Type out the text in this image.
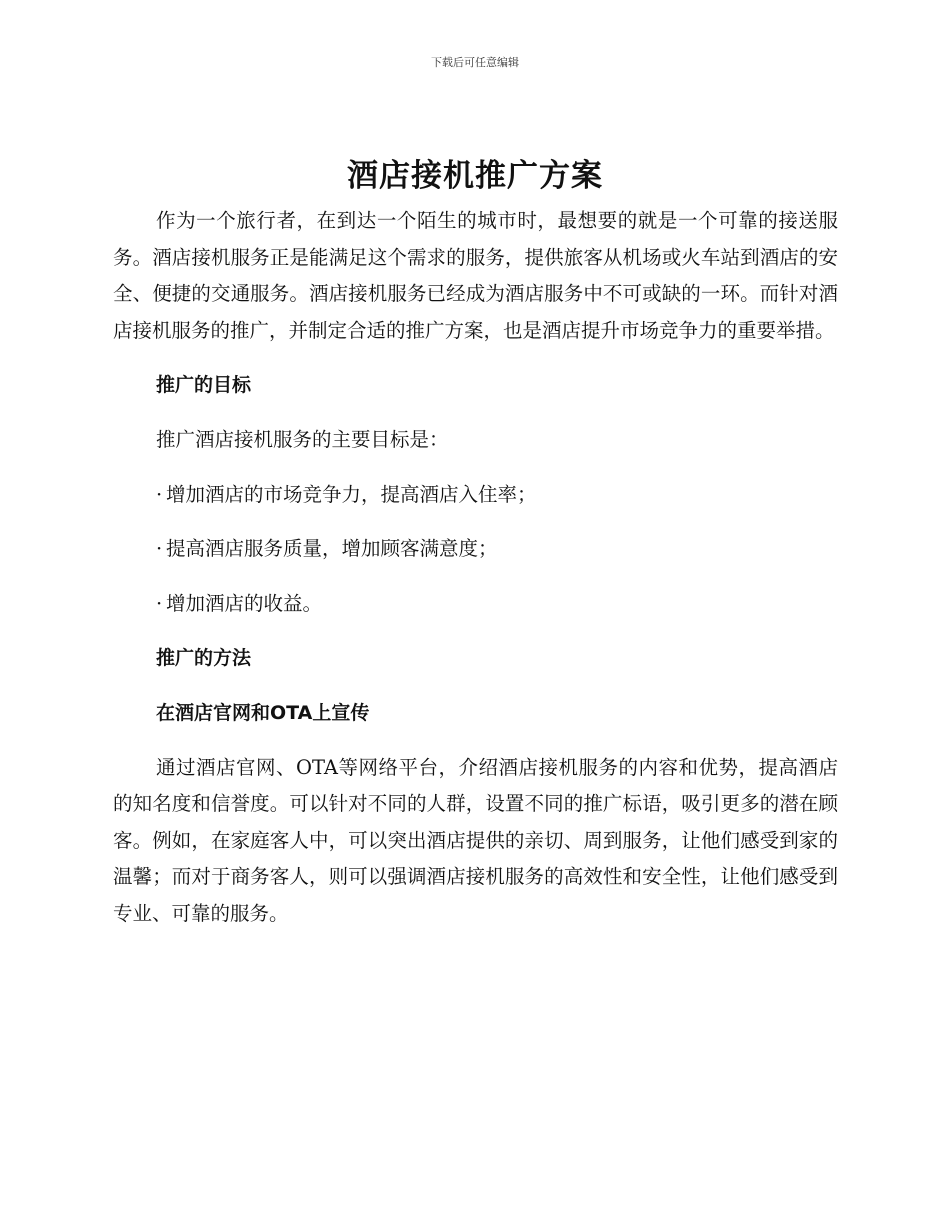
下载后可任意编辑
酒店接机推广方案

作为一个旅行者，在到达一个陌生的城市时，最想要的就是一个可靠的接送服务。酒店接机服务正是能满足这个需求的服务，提供旅客从机场或火车站到酒店的安全、便捷的交通服务。酒店接机服务已经成为酒店服务中不可或缺的一环。而针对酒店接机服务的推广，并制定合适的推广方案，也是酒店提升市场竞争力的重要举措。

推广的目标

推广酒店接机服务的主要目标是：

· 增加酒店的市场竞争力，提高酒店入住率；

· 提高酒店服务质量，增加顾客满意度；

· 增加酒店的收益。

推广的方法

在酒店官网和OTA上宣传

通过酒店官网、OTA等网络平台，介绍酒店接机服务的内容和优势，提高酒店的知名度和信誉度。可以针对不同的人群，设置不同的推广标语，吸引更多的潜在顾客。例如，在家庭客人中，可以突出酒店提供的亲切、周到服务，让他们感受到家的温馨；而对于商务客人，则可以强调酒店接机服务的高效性和安全性，让他们感受到专业、可靠的服务。
